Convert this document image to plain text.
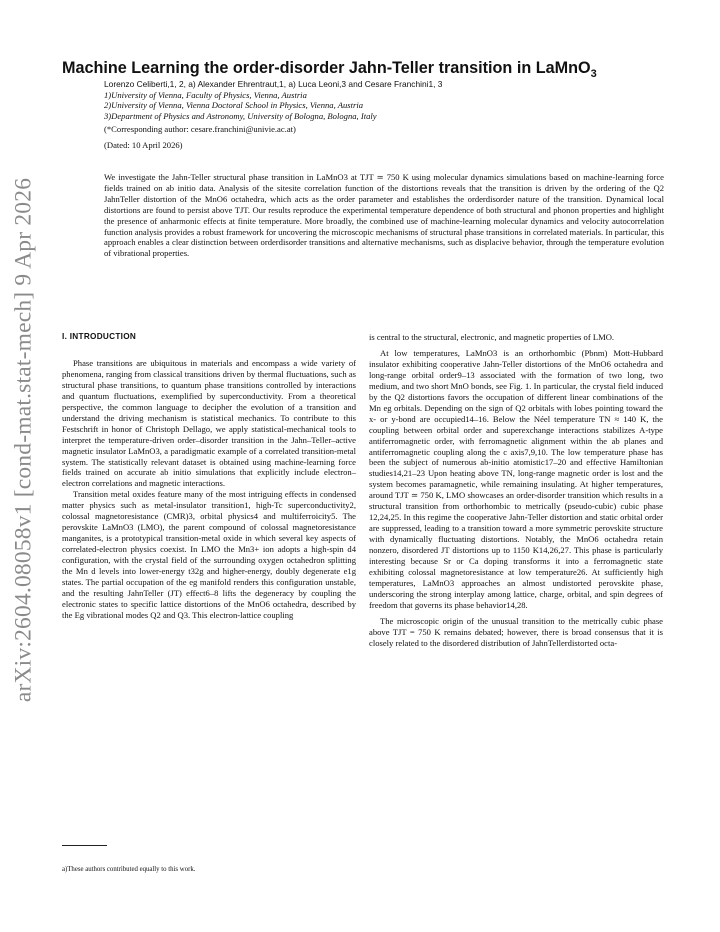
arXiv:2604.08058v1 [cond-mat.stat-mech] 9 Apr 2026
Machine Learning the order-disorder Jahn-Teller transition in LaMnO$_3$
Lorenzo Celiberti,1, 2, a) Alexander Ehrentraut,1, a) Luca Leoni,3 and Cesare Franchini1, 3
1)University of Vienna, Faculty of Physics, Vienna, Austria
2)University of Vienna, Vienna Doctoral School in Physics, Vienna, Austria
3)Department of Physics and Astronomy, University of Bologna, Bologna, Italy
(*Corresponding author: cesare.franchini@univie.ac.at)
(Dated: 10 April 2026)

We investigate the Jahn-Teller structural phase transition in LaMnO3 at TJT ≃ 750 K using molecular dynamics simulations based on machine-learning force fields trained on ab initio data. Analysis of the sitesite correlation function of the distortions reveals that the transition is driven by the ordering of the Q2 JahnTeller distortion of the MnO6 octahedra, which acts as the order parameter and establishes the orderdisorder nature of the transition. Dynamical local distortions are found to persist above TJT. Our results reproduce the experimental temperature dependence of both structural and phonon properties and highlight the presence of anharmonic effects at finite temperature. More broadly, the combined use of machine-learning molecular dynamics and velocity autocorrelation function analysis provides a robust framework for uncovering the microscopic mechanisms of structural phase transitions in correlated materials. In particular, this approach enables a clear distinction between orderdisorder transitions and alternative mechanisms, such as displacive behavior, through the temperature evolution of vibrational properties.

I. INTRODUCTION

Phase transitions are ubiquitous in materials and encompass a wide variety of phenomena, ranging from classical transitions driven by thermal fluctuations, such as structural phase transitions, to quantum phase transitions controlled by interactions and quantum fluctuations, exemplified by superconductivity. From a theoretical perspective, the common language to decipher the evolution of a transition and understand the driving mechanism is statistical mechanics. To contribute to this Festschrift in honor of Christoph Dellago, we apply statistical-mechanical tools to interpret the temperature-driven order–disorder transition in the Jahn–Teller–active magnetic insulator LaMnO3, a paradigmatic example of a correlated transition-metal system. The statistically relevant dataset is obtained using machine-learning force fields trained on accurate ab initio simulations that explicitly include electron–electron correlations and magnetic interactions.

Transition metal oxides feature many of the most intriguing effects in condensed matter physics such as metal-insulator transition1, high-Tc superconductivity2, colossal magnetoresistance (CMR)3, orbital physics4 and multiferroicity5. The perovskite LaMnO3 (LMO), the parent compound of colossal magnetoresistance manganites, is a prototypical transition-metal oxide in which several key aspects of correlated-electron physics coexist. In LMO the Mn3+ ion adopts a high-spin d4 configuration, with the crystal field of the surrounding oxygen octahedron splitting the Mn d levels into lower-energy t32g and higher-energy, doubly degenerate e1g states. The partial occupation of the eg manifold renders this configuration unstable, and the resulting JahnTeller (JT) effect6–8 lifts the degeneracy by coupling the electronic states to specific lattice distortions of the MnO6 octahedra, described by the Eg vibrational modes Q2 and Q3. This electron-lattice coupling

is central to the structural, electronic, and magnetic properties of LMO.

At low temperatures, LaMnO3 is an orthorhombic (Pbnm) Mott-Hubbard insulator exhibiting cooperative Jahn-Teller distortions of the MnO6 octahedra and long-range orbital order9–13 associated with the formation of two long, two medium, and two short MnO bonds, see Fig. 1. In particular, the crystal field induced by the Q2 distortions favors the occupation of different linear combinations of the Mn eg orbitals. Depending on the sign of Q2 orbitals with lobes pointing toward the x- or y-bond are occupied14–16. Below the Néel temperature TN ≈ 140 K, the coupling between orbital order and superexchange interactions stabilizes A-type antiferromagnetic order, with ferromagnetic alignment within the ab planes and antiferromagnetic coupling along the c axis7,9,10. The low temperature phase has been the subject of numerous ab-initio atomistic17–20 and effective Hamiltonian studies14,21–23 Upon heating above TN, long-range magnetic order is lost and the system becomes paramagnetic, while remaining insulating. At higher temperatures, around TJT ≃ 750 K, LMO showcases an order-disorder transition which results in a structural transition from orthorhombic to metrically (pseudo-cubic) cubic phase 12,24,25. In this regime the cooperative Jahn-Teller distortion and static orbital order are suppressed, leading to a transition toward a more symmetric perovskite structure with dynamically fluctuating distortions. Notably, the MnO6 octahedra retain nonzero, disordered JT distortions up to 1150 K14,26,27. This phase is particularly interesting because Sr or Ca doping transforms it into a ferromagnetic state exhibiting colossal magnetoresistance at low temperature26. At sufficiently high temperatures, LaMnO3 approaches an almost undistorted perovskite phase, underscoring the strong interplay among lattice, charge, orbital, and spin degrees of freedom that governs its phase behavior14,28.

The microscopic origin of the unusual transition to the metrically cubic phase above TJT = 750 K remains debated; however, there is broad consensus that it is closely related to the disordered distribution of JahnTellerdistorted octa-

a)These authors contributed equally to this work.
